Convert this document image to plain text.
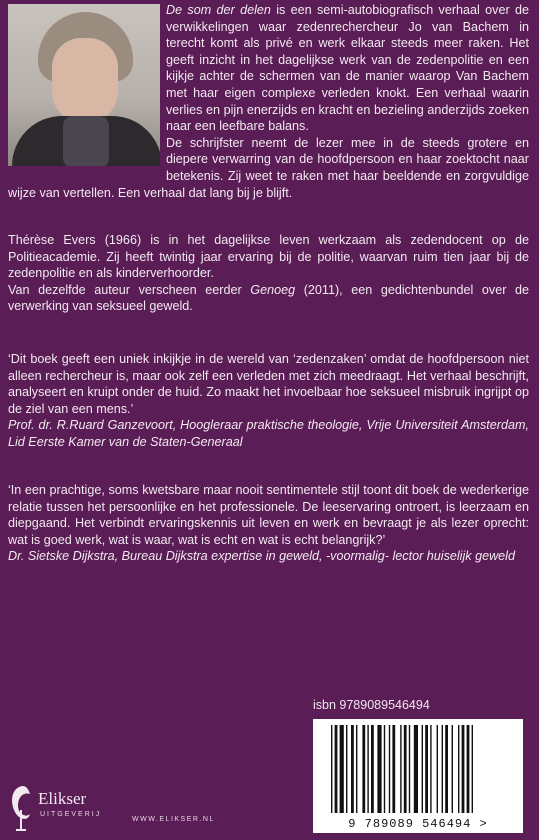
De som der delen is een semi-autobiografisch verhaal over de verwikkelingen waar zedenrechercheur Jo van Bachem in terecht komt als privé en werk elkaar steeds meer raken. Het geeft inzicht in het dagelijkse werk van de zedenpolitie en een kijkje achter de schermen van de manier waarop Van Bachem met haar eigen complexe verleden knokt. Een verhaal waarin verlies en pijn enerzijds en kracht en bezieling anderzijds zoeken naar een leefbare balans.

De schrijfster neemt de lezer mee in de steeds grotere en diepere verwarring van de hoofdpersoon en haar zoektocht naar betekenis. Zij weet te raken met haar beeldende en zorgvuldige wijze van vertellen. Een verhaal dat lang bij je blijft.

Thérèse Evers (1966) is in het dagelijkse leven werkzaam als zedendocent op de Politieacademie. Zij heeft twintig jaar ervaring bij de politie, waarvan ruim tien jaar bij de zedenpolitie en als kinderverhoorder.

Van dezelfde auteur verscheen eerder Genoeg (2011), een gedichtenbundel over de verwerking van seksueel geweld.

‘Dit boek geeft een uniek inkijkje in de wereld van ‘zedenzaken’ omdat de hoofdpersoon niet alleen rechercheur is, maar ook zelf een verleden met zich meedraagt. Het verhaal beschrijft, analyseert en kruipt onder de huid. Zo maakt het invoelbaar hoe seksueel misbruik ingrijpt op de ziel van een mens.’

Prof. dr. R.Ruard Ganzevoort, Hoogleraar praktische theologie, Vrije Universiteit Amsterdam, Lid Eerste Kamer van de Staten-Generaal

‘In een prachtige, soms kwetsbare maar nooit sentimentele stijl toont dit boek de wederkerige relatie tussen het persoonlijke en het professionele. De leeservaring ontroert, is leerzaam en diepgaand. Het verbindt ervaringskennis uit leven en werk en bevraagt je als lezer oprecht: wat is goed werk, wat is waar, wat is echt en wat is echt belangrijk?’

Dr. Sietske Dijkstra, Bureau Dijkstra expertise in geweld, -voormalig- lector huiselijk geweld

isbn 9789089546494
9 789089 546494 >
Elikser
UITGEVERIJ
WWW.ELIKSER.NL
